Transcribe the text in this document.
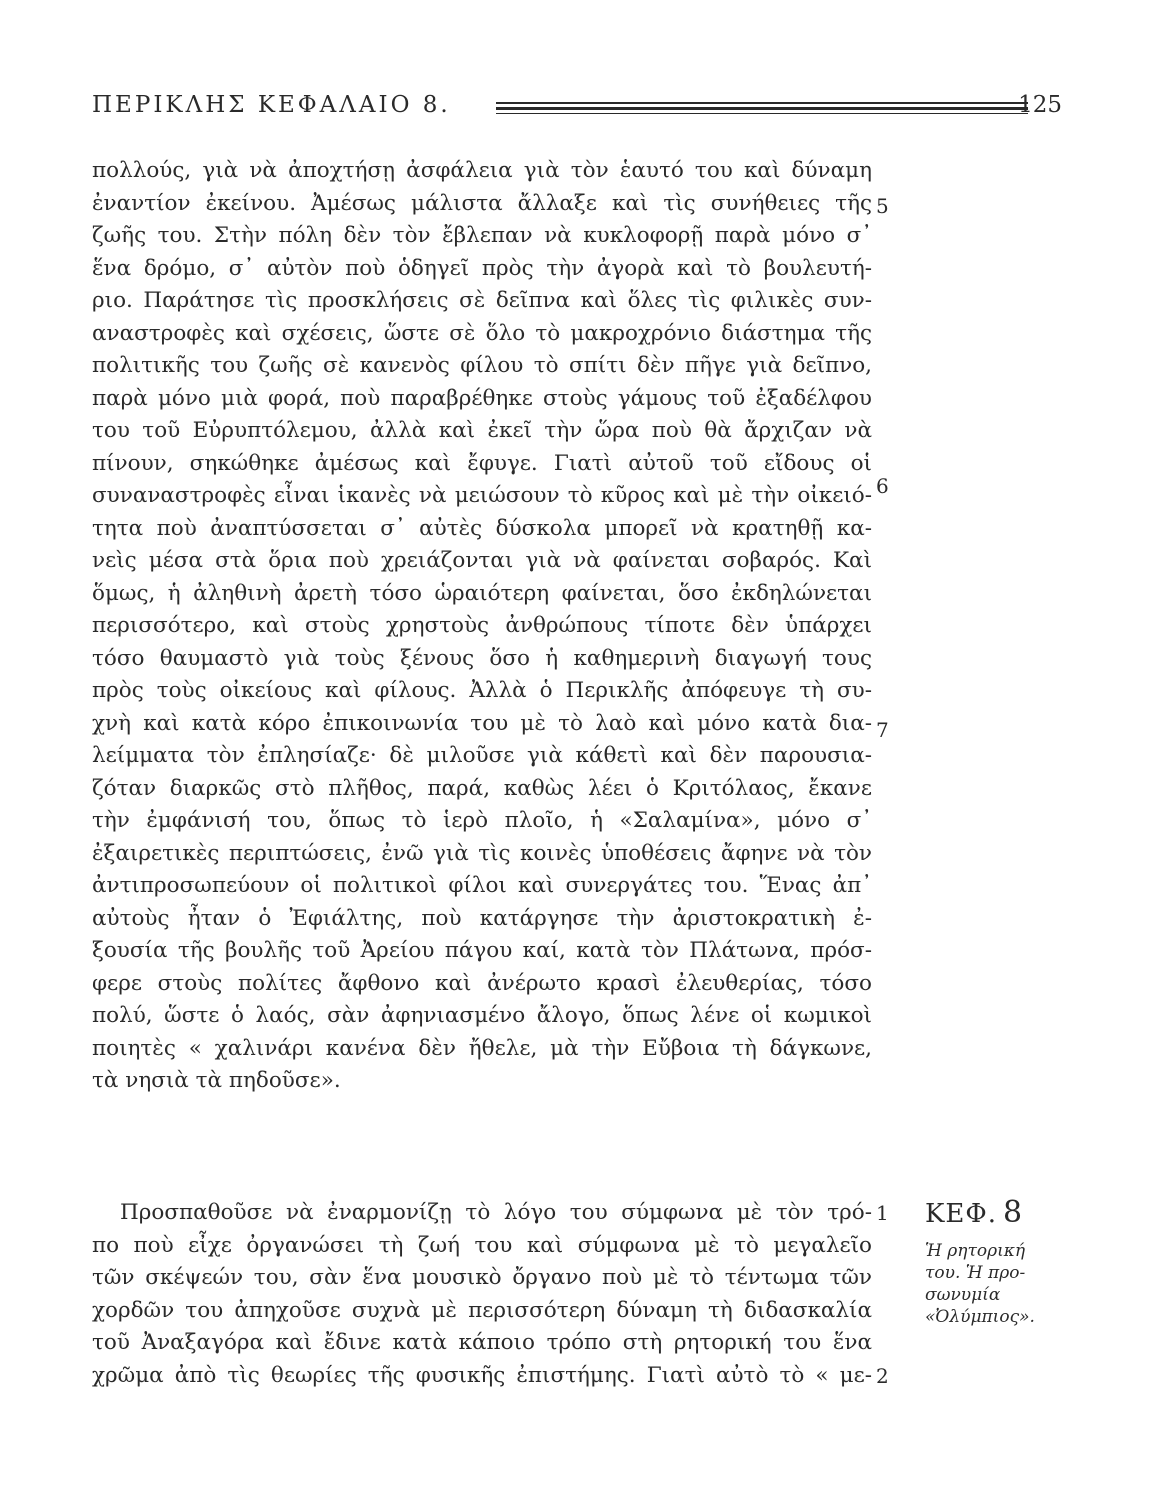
ΠΕΡΙΚΛΗΣ ΚΕΦΑΛΑΙΟ 8.	125
πολλούς, γιὰ νὰ ἀποχτήσῃ ἀσφάλεια γιὰ τὸν ἑαυτό του καὶ δύναμη
ἐναντίον ἐκείνου. Ἀμέσως μάλιστα ἄλλαξε καὶ τὶς συνήθειες τῆς
ζωῆς του. Στὴν πόλη δὲν τὸν ἔβλεπαν νὰ κυκλοφορῇ παρὰ μόνο σ᾿
ἕνα δρόμο, σ᾿ αὐτὸν ποὺ ὁδηγεῖ πρὸς τὴν ἀγορὰ καὶ τὸ βουλευτή-
ριο. Παράτησε τὶς προσκλήσεις σὲ δεῖπνα καὶ ὅλες τὶς φιλικὲς συν-
αναστροφὲς καὶ σχέσεις, ὥστε σὲ ὅλο τὸ μακροχρόνιο διάστημα τῆς
πολιτικῆς του ζωῆς σὲ κανενὸς φίλου τὸ σπίτι δὲν πῆγε γιὰ δεῖπνο,
παρὰ μόνο μιὰ φορά, ποὺ παραβρέθηκε στοὺς γάμους τοῦ ἐξαδέλφου
του τοῦ Εὐρυπτόλεμου, ἀλλὰ καὶ ἐκεῖ τὴν ὥρα ποὺ θὰ ἄρχιζαν νὰ
πίνουν, σηκώθηκε ἀμέσως καὶ ἔφυγε. Γιατὶ αὐτοῦ τοῦ εἴδους οἱ
συναναστροφὲς εἶναι ἱκανὲς νὰ μειώσουν τὸ κῦρος καὶ μὲ τὴν οἰκειό-
τητα ποὺ ἀναπτύσσεται σ᾿ αὐτὲς δύσκολα μπορεῖ νὰ κρατηθῇ κα-
νεὶς μέσα στὰ ὅρια ποὺ χρειάζονται γιὰ νὰ φαίνεται σοβαρός. Καὶ
ὅμως, ἡ ἀληθινὴ ἀρετὴ τόσο ὡραιότερη φαίνεται, ὅσο ἐκδηλώνεται
περισσότερο, καὶ στοὺς χρηστοὺς ἀνθρώπους τίποτε δὲν ὑπάρχει
τόσο θαυμαστὸ γιὰ τοὺς ξένους ὅσο ἡ καθημερινὴ διαγωγή τους
πρὸς τοὺς οἰκείους καὶ φίλους. Ἀλλὰ ὁ Περικλῆς ἀπόφευγε τὴ συ-
χνὴ καὶ κατὰ κόρο ἐπικοινωνία του μὲ τὸ λαὸ καὶ μόνο κατὰ δια-
λείμματα τὸν ἐπλησίαζε· δὲ μιλοῦσε γιὰ κάθετὶ καὶ δὲν παρουσια-
ζόταν διαρκῶς στὸ πλῆθος, παρά, καθὼς λέει ὁ Κριτόλαος, ἔκανε
τὴν ἐμφάνισή του, ὅπως τὸ ἱερὸ πλοῖο, ἡ «Σαλαμίνα», μόνο σ᾿
ἐξαιρετικὲς περιπτώσεις, ἐνῶ γιὰ τὶς κοινὲς ὑποθέσεις ἄφηνε νὰ τὸν
ἀντιπροσωπεύουν οἱ πολιτικοὶ φίλοι καὶ συνεργάτες του. Ἕνας ἀπ᾿
αὐτοὺς ἦταν ὁ Ἐφιάλτης, ποὺ κατάργησε τὴν ἀριστοκρατικὴ ἐ-
ξουσία τῆς βουλῆς τοῦ Ἀρείου πάγου καί, κατὰ τὸν Πλάτωνα, πρόσ-
φερε στοὺς πολίτες ἄφθονο καὶ ἀνέρωτο κρασὶ ἐλευθερίας, τόσο
πολύ, ὥστε ὁ λαός, σὰν ἀφηνιασμένο ἄλογο, ὅπως λένε οἱ κωμικοὶ
ποιητὲς « χαλινάρι κανένα δὲν ἤθελε, μὰ τὴν Εὔβοια τὴ δάγκωνε,
τὰ νησιὰ τὰ πηδοῦσε».
5
6
7
Προσπαθοῦσε νὰ ἐναρμονίζῃ τὸ λόγο του σύμφωνα μὲ τὸν τρό-
πο ποὺ εἶχε ὀργανώσει τὴ ζωή του καὶ σύμφωνα μὲ τὸ μεγαλεῖο
τῶν σκέψεών του, σὰν ἕνα μουσικὸ ὄργανο ποὺ μὲ τὸ τέντωμα τῶν
χορδῶν του ἀπηχοῦσε συχνὰ μὲ περισσότερη δύναμη τὴ διδασκαλία
τοῦ Ἀναξαγόρα καὶ ἔδινε κατὰ κάποιο τρόπο στὴ ρητορική του ἕνα
χρῶμα ἀπὸ τὶς θεωρίες τῆς φυσικῆς ἐπιστήμης. Γιατὶ αὐτὸ τὸ « με-
1
2
ΚΕΦ. 8
Ἡ ρητορική
του. Ἡ προ-
σωνυμία
«Ὀλύμπιος».
